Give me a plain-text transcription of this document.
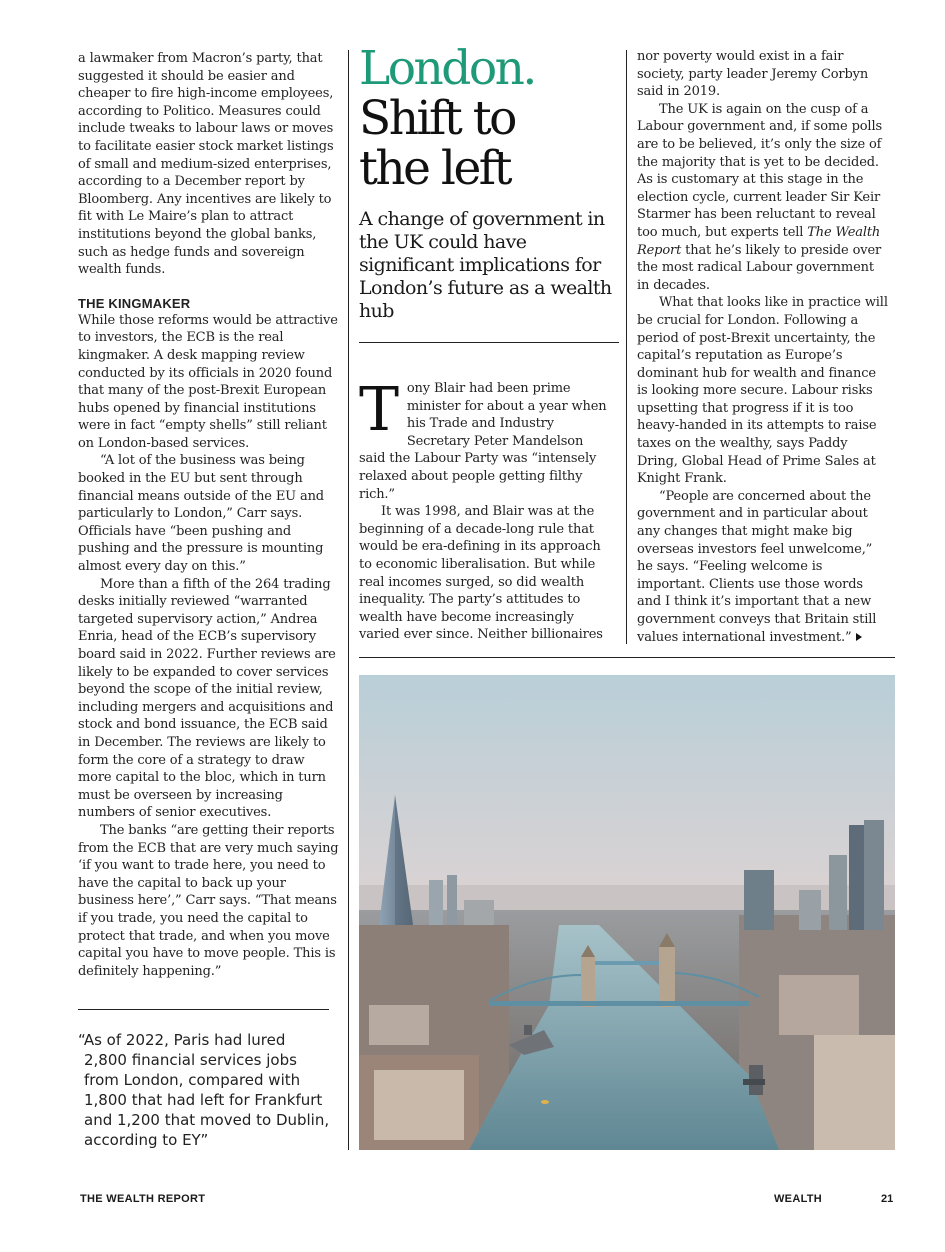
a lawmaker from Macron’s party, that suggested it should be easier and cheaper to fire high-income employees, according to Politico. Measures could include tweaks to labour laws or moves to facilitate easier stock market listings of small and medium-sized enterprises, according to a December report by Bloomberg. Any incentives are likely to fit with Le Maire’s plan to attract institutions beyond the global banks, such as hedge funds and sovereign wealth funds.

THE KINGMAKER

While those reforms would be attractive to investors, the ECB is the real kingmaker. A desk mapping review conducted by its officials in 2020 found that many of the post-Brexit European hubs opened by financial institutions were in fact “empty shells” still reliant on London-based services.

“A lot of the business was being booked in the EU but sent through financial means outside of the EU and particularly to London,” Carr says. Officials have “been pushing and pushing and the pressure is mounting almost every day on this.”

More than a fifth of the 264 trading desks initially reviewed “warranted targeted supervisory action,” Andrea Enria, head of the ECB’s supervisory board said in 2022. Further reviews are likely to be expanded to cover services beyond the scope of the initial review, including mergers and acquisitions and stock and bond issuance, the ECB said in December. The reviews are likely to form the core of a strategy to draw more capital to the bloc, which in turn must be overseen by increasing numbers of senior executives.

The banks “are getting their reports from the ECB that are very much saying ‘if you want to trade here, you need to have the capital to back up your business here’,” Carr says. “That means if you trade, you need the capital to protect that trade, and when you move capital you have to move people. This is definitely happening.”

“As of 2022, Paris had lured
2,800 financial services jobs
from London, compared with
1,800 that had left for Frankfurt
and 1,200 that moved to Dublin,
according to EY”
London.
Shift to
the left
A change of government in the UK could have significant implications for London’s future as a wealth hub

Tony Blair had been prime minister for about a year when his Trade and Industry Secretary Peter Mandelson said the Labour Party was “intensely relaxed about people getting filthy rich.”

It was 1998, and Blair was at the beginning of a decade-long rule that would be era-defining in its approach to economic liberalisation. But while real incomes surged, so did wealth inequality. The party’s attitudes to wealth have become increasingly varied ever since. Neither billionaires

nor poverty would exist in a fair society, party leader Jeremy Corbyn said in 2019.

The UK is again on the cusp of a Labour government and, if some polls are to be believed, it’s only the size of the majority that is yet to be decided. As is customary at this stage in the election cycle, current leader Sir Keir Starmer has been reluctant to reveal too much, but experts tell The Wealth Report that he’s likely to preside over the most radical Labour government in decades.

What that looks like in practice will be crucial for London. Following a period of post-Brexit uncertainty, the capital’s reputation as Europe’s dominant hub for wealth and finance is looking more secure. Labour risks upsetting that progress if it is too heavy-handed in its attempts to raise taxes on the wealthy, says Paddy Dring, Global Head of Prime Sales at Knight Frank.

“People are concerned about the government and in particular about any changes that might make big overseas investors feel unwelcome,” he says. “Feeling welcome is important. Clients use those words and I think it’s important that a new government conveys that Britain still values international investment.”

THE WEALTH REPORT	WEALTH	21
